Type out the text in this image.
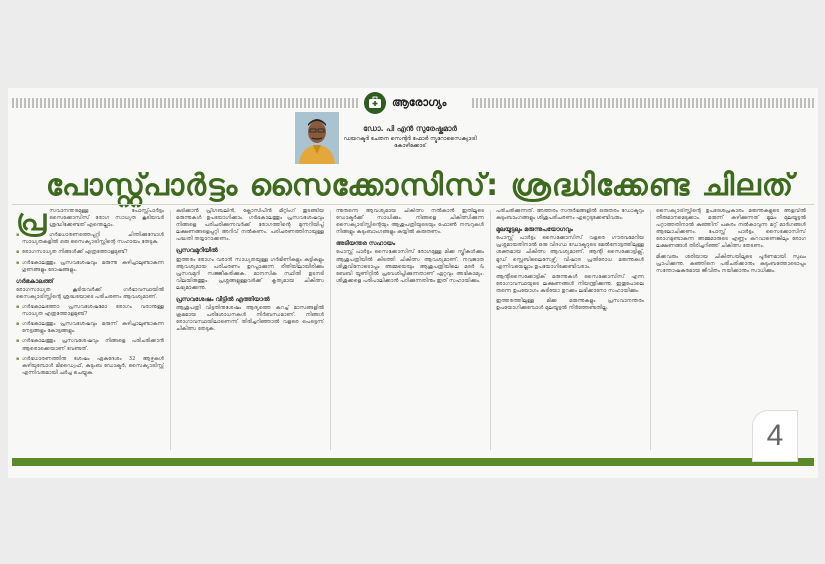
ആരോഗ്യം
ഡോ. പി എൻ സുരേഷ്കുമാർ
ഡയറക്ടർ ചേതന സെന്റർ ഫോർ ന്യൂറോസൈക്യാട്രി
കോഴിക്കോട്
പോസ്റ്റ്പാർട്ടം സൈക്കോസിസ്: ശ്രദ്ധിക്കേണ്ട ചിലത്
പ്ര സവാനന്തരമുള്ള പോസ്റ്റ്പാർട്ടം സൈക്കോസിസ് രോഗ സാധ്യത കൂടിയവർ ശ്രദ്ധിക്കേണ്ടത് എന്തെല്ലാം.

▪ ഗർഭധാരണത്തെപ്പറ്റി ചിന്തിക്കുമ്പോൾ സാധ്യതകളിൽ ഒരു സൈക്യാട്രിസ്റ്റിന്റെ സഹായം തേടുക.

▪ രോഗസാധ്യത നിങ്ങൾക്ക് എത്രത്തോളമുണ്ട്?

▪ ഗർഭകാലത്തും പ്രസവശേഷവും മരുന്നു കഴിച്ചാലുണ്ടാകുന്ന ഗുണങ്ങളും ദോഷങ്ങളും.

ഗർഭകാലത്ത്

രോഗസാധ്യത കൂടിയവർക്ക് ഗർഭാവസ്ഥയിൽ സൈക്യാട്രിസ്റ്റിന്റെ ശ്രദ്ധയോടെ പരിചരണം ആവശ്യമാണ്.

▪ ഗർഭകാലത്തോ പ്രസവശേഷമോ രോഗം വരാനുള്ള സാധ്യത എത്രത്തോളമുണ്ട്?

▪ ഗർഭകാലത്തും പ്രസവശേഷവും മരുന്ന് കഴിച്ചാലുണ്ടാകുന്ന നേട്ടങ്ങളും കോട്ടങ്ങളും.

▪ ഗർഭകാലത്തും പ്രസവശേഷവും നിങ്ങളെ പരിചരിക്കാൻ ആരൊക്കെയാണ് വേണ്ടത്.

▪ ഗർഭധാരണത്തിനു ശേഷം ഏകദേശം 32 ആഴ്ചകൾ കഴിയുമ്പോൾ മിഡ്വൈഫ്, കുടുംബ ഡോക്ടർ, സൈക്യാട്രിസ്റ്റ് എന്നിവരുമായി ചർച്ച ചെയ്യുക.

കുടിക്കാൻ പ്രീഗബലിൻ, ക്ലോസിപീൻ മീറ്റിംഗ് തുടങ്ങിയ മരുന്നുകൾ ഉപയോഗിക്കാം. ഗർഭകാലത്തും പ്രസവശേഷവും നിങ്ങളെ പരിചരിക്കുന്നവർക്ക് രോഗത്തിന്റെ മുന്നറിയിപ്പ് ലക്ഷണങ്ങളെപ്പറ്റി അറിവ് നൽകണം. പരിചരണത്തിനായുള്ള പദ്ധതി തയ്യാറാക്കണം.

പ്രസവമുറിയിൽ

ഇത്തരം രോഗം വരാൻ സാധ്യതയുള്ള ഗർഭിണികളും കുട്ടികളും ആവശ്യമായ പരിചരണം ഉറപ്പാക്കുന്ന രീതിയിലായിരിക്കും പ്രസവമുറി സജ്ജീകരിക്കുക. മാനസിക സ്ഥിതി ഉടനടി വിലയിരുത്തും. പ്രശ്നങ്ങളുള്ളവർക്ക് കൃത്യമായ ചികിത്സ ലഭ്യമാക്കുന്നു.

പ്രസവശേഷം വീട്ടിൽ എത്തിയാൽ

ആശുപത്രി വിട്ടതിനുശേഷം ആദ്യത്തെ കുറച്ച് മാസങ്ങളിൽ ക്രമമായ പരിശോധനകൾ നിർബന്ധമാണ്. നിങ്ങൾ രോഗാവസ്ഥയിലാണെന്ന് തിരിച്ചറിഞ്ഞാൽ വളരെ പെട്ടെന്ന് ചികിത്സ തേടുക.

ന്നുതന്നെ ആവശ്യമായ ചികിത്സ നൽകാൻ ഇതിലൂടെ ഡോക്ടർക്ക് സാധിക്കും. നിങ്ങളെ ചികിത്സിക്കുന്ന സൈക്യാട്രിസ്റ്റിന്റെയും ആശുപത്രിയുടെയും ഫോൺ നമ്പറുകൾ നിങ്ങളും കുടുംബാംഗങ്ങളും കയ്യിൽ കരുതണം.

അടിയന്തര സഹായം

പോസ്റ്റ് പാർട്ടം സൈക്കോസിസ് രോഗമുള്ള മിക്ക സ്ത്രീകൾക്കും ആശുപത്രിയിൽ കിടത്തി ചികിത്സ ആവശ്യമാണ്. നവജാത ശിശുവിനോടൊപ്പം അമ്മയെയും ആശുപത്രിയിലെ മദർ & ബേബി യൂണിറ്റിൽ പ്രവേശിപ്പിക്കുന്നതാണ് ഏറ്റവും അഭികാമ്യം. ശിശുക്കളെ പരിപാലിക്കാൻ പഠിക്കുന്നതിനും ഇത് സഹായിക്കും.

പരിചരിക്കുന്നത്. അത്തരം സന്ദർഭങ്ങളിൽ ഒരുതരം ഡോക്ടറും കുടുംബാംഗങ്ങളും ശിശുപരിചരണം ഏറ്റെടുക്കേണ്ടിവരും.

മുലയൂട്ടലും മരുന്നുപയോഗവും

പോസ്റ്റ് പാർട്ടം സൈക്കോസിസ് വളരെ ഗൗരവമേറിയ പ്രശ്നമായതിനാൽ ഒരു വിദഗ്ധ ഡോക്ടറുടെ മേൽനോട്ടത്തിലുള്ള ശക്തമായ ചികിത്സ ആവശ്യമാണ്. ആന്റി സൈക്കോട്ടിക്സ്, മൂഡ് സ്റ്റെബിലൈസേഴ്സ്, വിഷാദ പ്രതിരോധ മരുന്നുകൾ എന്നിവയെല്ലാം ഉപയോഗിക്കേണ്ടിവരാം.

ആന്റിസൈക്കോട്ടിക് മരുന്നുകൾ സൈക്കോസിസ് എന്ന രോഗാവസ്ഥയുടെ ലക്ഷണങ്ങൾ നിയന്ത്രിക്കുന്നു. ഇതുപോലെ തന്നെ ഉപയോഗം കുടിയോ ഉറക്കം ലഭിക്കാനോ സഹായിക്കും.

ഇത്തരത്തിലുള്ള മിക്ക മരുന്നുകളും പ്രസവാനന്തരം ഉപയോഗിക്കുമ്പോൾ മുലയൂട്ടൽ നിർത്തേണ്ടതില്ല.

സൈക്യാട്രിസ്റ്റിന്റെ ഉപദേശപ്രകാരം മരുന്നുകളുടെ അളവിൽ തീരുമാനമെടുക്കാം. മരുന്ന് കഴിക്കുന്നത് മൂലം മുലയൂട്ടൽ പറ്റാത്തതിനാൽ കുഞ്ഞിന് പകരം നൽകാവുന്ന മറ്റ് മാർഗങ്ങൾ ആലോചിക്കണം. പോസ്റ്റ് പാർട്ടം സൈക്കോസിസ് രോഗമുണ്ടാകുന്ന അമ്മമാരുടെ എണ്ണം കുറവാണെങ്കിലും രോഗ ലക്ഷണങ്ങൾ തിരിച്ചറിഞ്ഞ് ചികിത്സ തേടണം.

മിക്കവരും ശരിയായ ചികിത്സയിലൂടെ പൂർണമായി സുഖം പ്രാപിക്കുന്നു. കുഞ്ഞിനെ പരിചരിക്കാനും കുടുംബത്തോടൊപ്പം സന്തോഷകരമായ ജീവിതം നയിക്കാനും സാധിക്കും.

4
